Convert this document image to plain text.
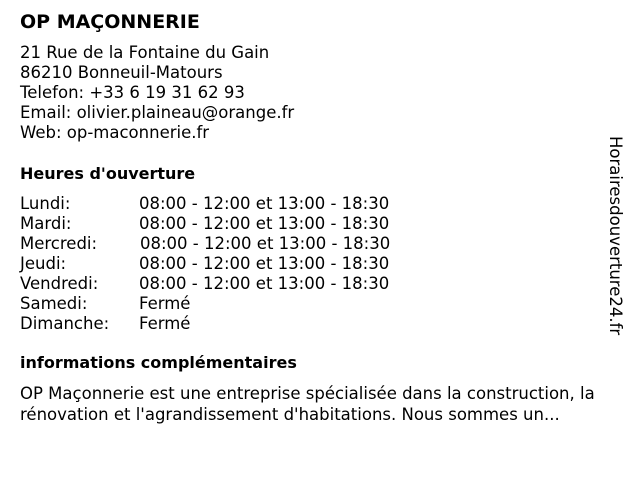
OP MAÇONNERIE
21 Rue de la Fontaine du Gain
86210 Bonneuil-Matours
Telefon: +33 6 19 31 62 93
Email: olivier.plaineau@orange.fr
Web: op-maconnerie.fr
Heures d'ouverture
Lundi:	08:00 - 12:00 et 13:00 - 18:30
Mardi:	08:00 - 12:00 et 13:00 - 18:30
Mercredi:	08:00 - 12:00 et 13:00 - 18:30
Jeudi:	08:00 - 12:00 et 13:00 - 18:30
Vendredi: 08:00 - 12:00 et 13:00 - 18:30
Samedi:	Fermé
Dimanche: Fermé
informations complémentaires
OP Maçonnerie est une entreprise spécialisée dans la construction, la rénovation et l'agrandissement d'habitations. Nous sommes un...
Horairesdouverture24.fr
